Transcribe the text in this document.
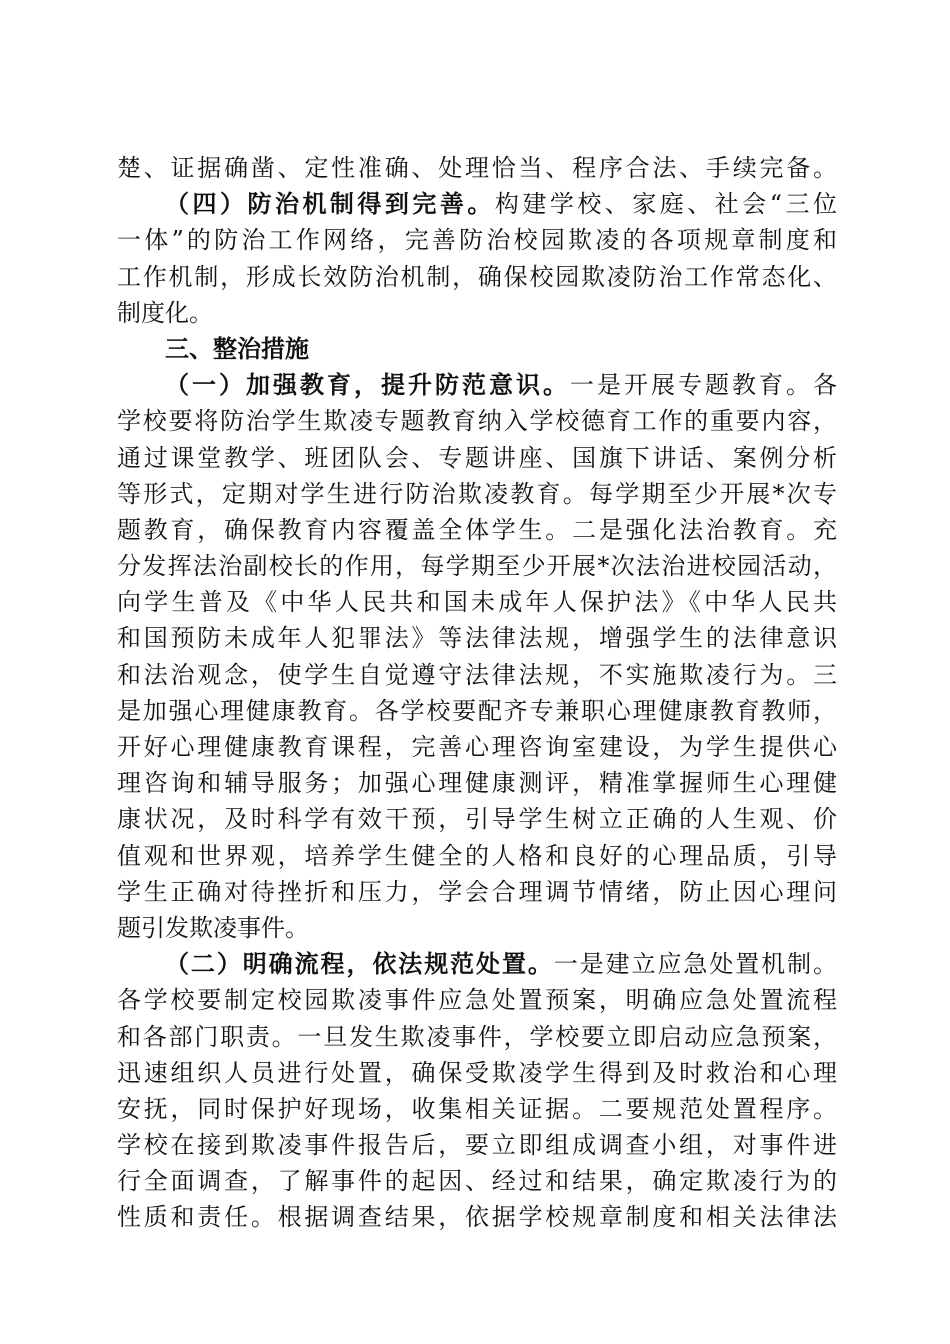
楚、证据确凿、定性准确、处理恰当、程序合法、手续完备。
（四）防治机制得到完善。构建学校、家庭、社会“三位
一体”的防治工作网络，完善防治校园欺凌的各项规章制度和
工作机制，形成长效防治机制，确保校园欺凌防治工作常态化、
制度化。
三、整治措施
（一）加强教育，提升防范意识。一是开展专题教育。各
学校要将防治学生欺凌专题教育纳入学校德育工作的重要内容，
通过课堂教学、班团队会、专题讲座、国旗下讲话、案例分析
等形式，定期对学生进行防治欺凌教育。每学期至少开展*次专
题教育，确保教育内容覆盖全体学生。二是强化法治教育。充
分发挥法治副校长的作用，每学期至少开展*次法治进校园活动，
向学生普及《中华人民共和国未成年人保护法》《中华人民共
和国预防未成年人犯罪法》等法律法规，增强学生的法律意识
和法治观念，使学生自觉遵守法律法规，不实施欺凌行为。三
是加强心理健康教育。各学校要配齐专兼职心理健康教育教师，
开好心理健康教育课程，完善心理咨询室建设，为学生提供心
理咨询和辅导服务；加强心理健康测评，精准掌握师生心理健
康状况，及时科学有效干预，引导学生树立正确的人生观、价
值观和世界观，培养学生健全的人格和良好的心理品质，引导
学生正确对待挫折和压力，学会合理调节情绪，防止因心理问
题引发欺凌事件。
（二）明确流程，依法规范处置。一是建立应急处置机制。
各学校要制定校园欺凌事件应急处置预案，明确应急处置流程
和各部门职责。一旦发生欺凌事件，学校要立即启动应急预案，
迅速组织人员进行处置，确保受欺凌学生得到及时救治和心理
安抚，同时保护好现场，收集相关证据。二要规范处置程序。
学校在接到欺凌事件报告后，要立即组成调查小组，对事件进
行全面调查，了解事件的起因、经过和结果，确定欺凌行为的
性质和责任。根据调查结果，依据学校规章制度和相关法律法
